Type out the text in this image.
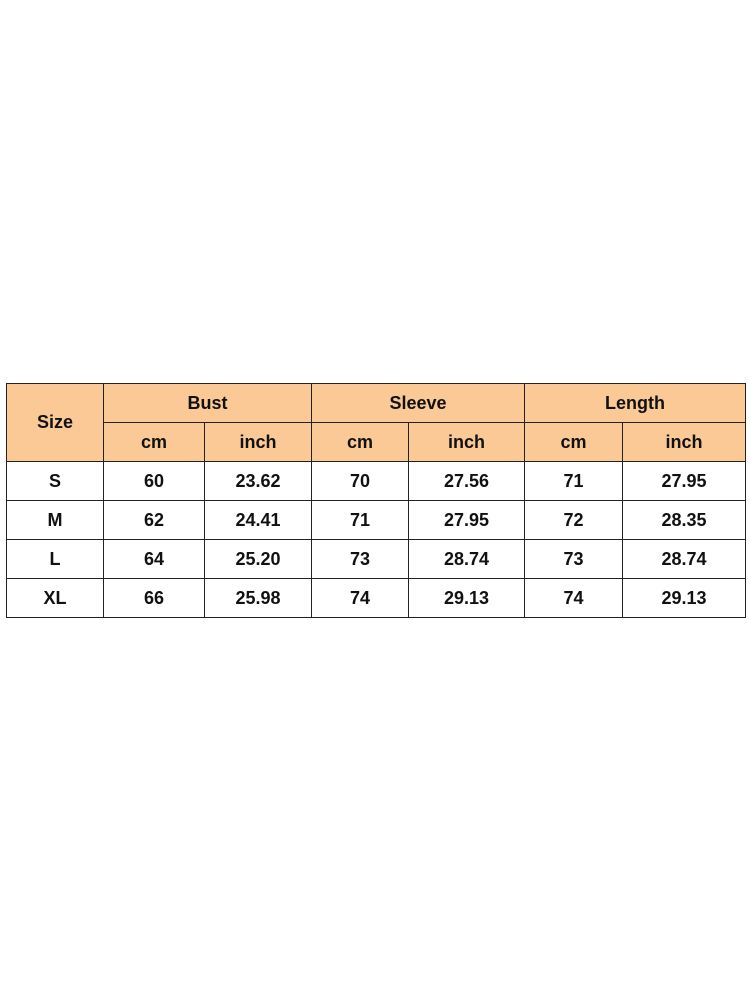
Size	Bust		Sleeve		Length	
	cm	inch	cm	inch	cm	inch
S	60	23.62	70	27.56	71	27.95
M	62	24.41	71	27.95	72	28.35
L	64	25.20	73	28.74	73	28.74
XL	66	25.98	74	29.13	74	29.13
